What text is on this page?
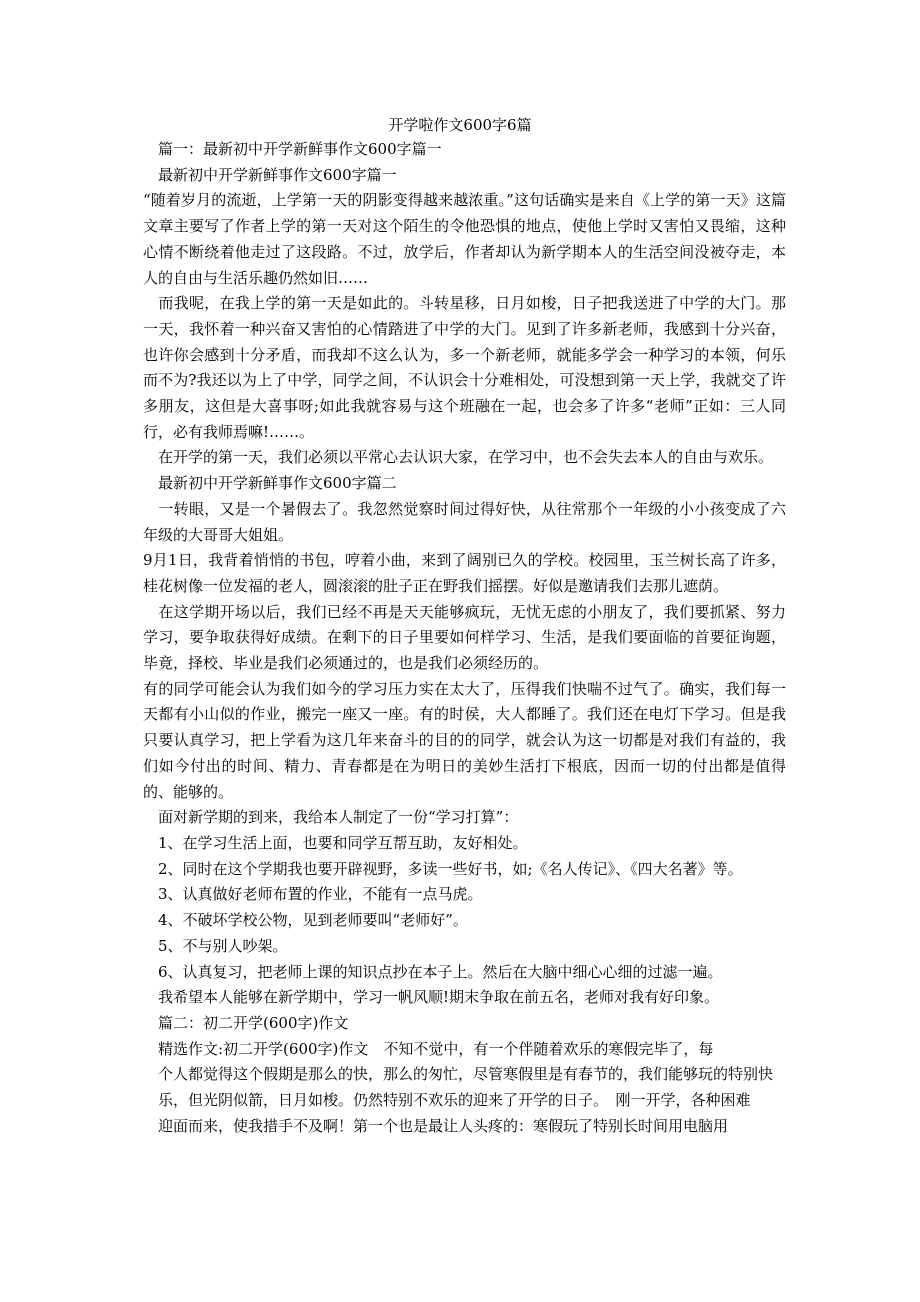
开学啦作文600字6篇

　篇一：最新初中开学新鲜事作文600字篇一

　最新初中开学新鲜事作文600字篇一

“随着岁月的流逝，上学第一天的阴影变得越来越浓重。”这句话确实是来自《上学的第一天》这篇文章主要写了作者上学的第一天对这个陌生的令他恐惧的地点，使他上学时又害怕又畏缩，这种心情不断绕着他走过了这段路。不过，放学后，作者却认为新学期本人的生活空间没被夺走，本人的自由与生活乐趣仍然如旧……

　而我呢，在我上学的第一天是如此的。斗转星移，日月如梭，日子把我送进了中学的大门。那一天，我怀着一种兴奋又害怕的心情踏进了中学的大门。见到了许多新老师，我感到十分兴奋，也许你会感到十分矛盾，而我却不这么认为，多一个新老师，就能多学会一种学习的本领，何乐而不为?我还以为上了中学，同学之间，不认识会十分难相处，可没想到第一天上学，我就交了许多朋友，这但是大喜事呀;如此我就容易与这个班融在一起，也会多了许多“老师”正如：三人同行，必有我师焉嘛!……。

　在开学的第一天，我们必须以平常心去认识大家，在学习中，也不会失去本人的自由与欢乐。

　最新初中开学新鲜事作文600字篇二

　一转眼，又是一个暑假去了。我忽然觉察时间过得好快，从往常那个一年级的小小孩变成了六年级的大哥哥大姐姐。

9月1日，我背着悄悄的书包，哼着小曲，来到了阔别已久的学校。校园里，玉兰树长高了许多，桂花树像一位发福的老人，圆滚滚的肚子正在野我们摇摆。好似是邀请我们去那儿遮荫。

　在这学期开场以后，我们已经不再是天天能够疯玩，无忧无虑的小朋友了，我们要抓紧、努力学习，要争取获得好成绩。在剩下的日子里要如何样学习、生活，是我们要面临的首要征询题，毕竟，择校、毕业是我们必须通过的，也是我们必须经历的。

有的同学可能会认为我们如今的学习压力实在太大了，压得我们快喘不过气了。确实，我们每一天都有小山似的作业，搬完一座又一座。有的时侯，大人都睡了。我们还在电灯下学习。但是我只要认真学习，把上学看为这几年来奋斗的目的的同学，就会认为这一切都是对我们有益的，我们如今付出的时间、精力、青春都是在为明日的美妙生活打下根底，因而一切的付出都是值得的、能够的。

　面对新学期的到来，我给本人制定了一份“学习打算”：

　1、在学习生活上面，也要和同学互帮互助，友好相处。

　2、同时在这个学期我也要开辟视野，多读一些好书，如;《名人传记》、《四大名著》等。

　3、认真做好老师布置的作业，不能有一点马虎。

　4、不破坏学校公物，见到老师要叫“老师好”。

　5、不与别人吵架。

　6、认真复习，把老师上课的知识点抄在本子上。然后在大脑中细心心细的过滤一遍。

　我希望本人能够在新学期中，学习一帆风顺!期末争取在前五名，老师对我有好印象。

　篇二：初二开学(600字)作文

　精选作文:初二开学(600字)作文　不知不觉中，有一个伴随着欢乐的寒假完毕了，每

　个人都觉得这个假期是那么的快，那么的匆忙，尽管寒假里是有春节的，我们能够玩的特别快

　乐，但光阴似箭，日月如梭。仍然特别不欢乐的迎来了开学的日子。　刚一开学，各种困难

　迎面而来，使我措手不及啊！第一个也是最让人头疼的：寒假玩了特别长时间用电脑用
